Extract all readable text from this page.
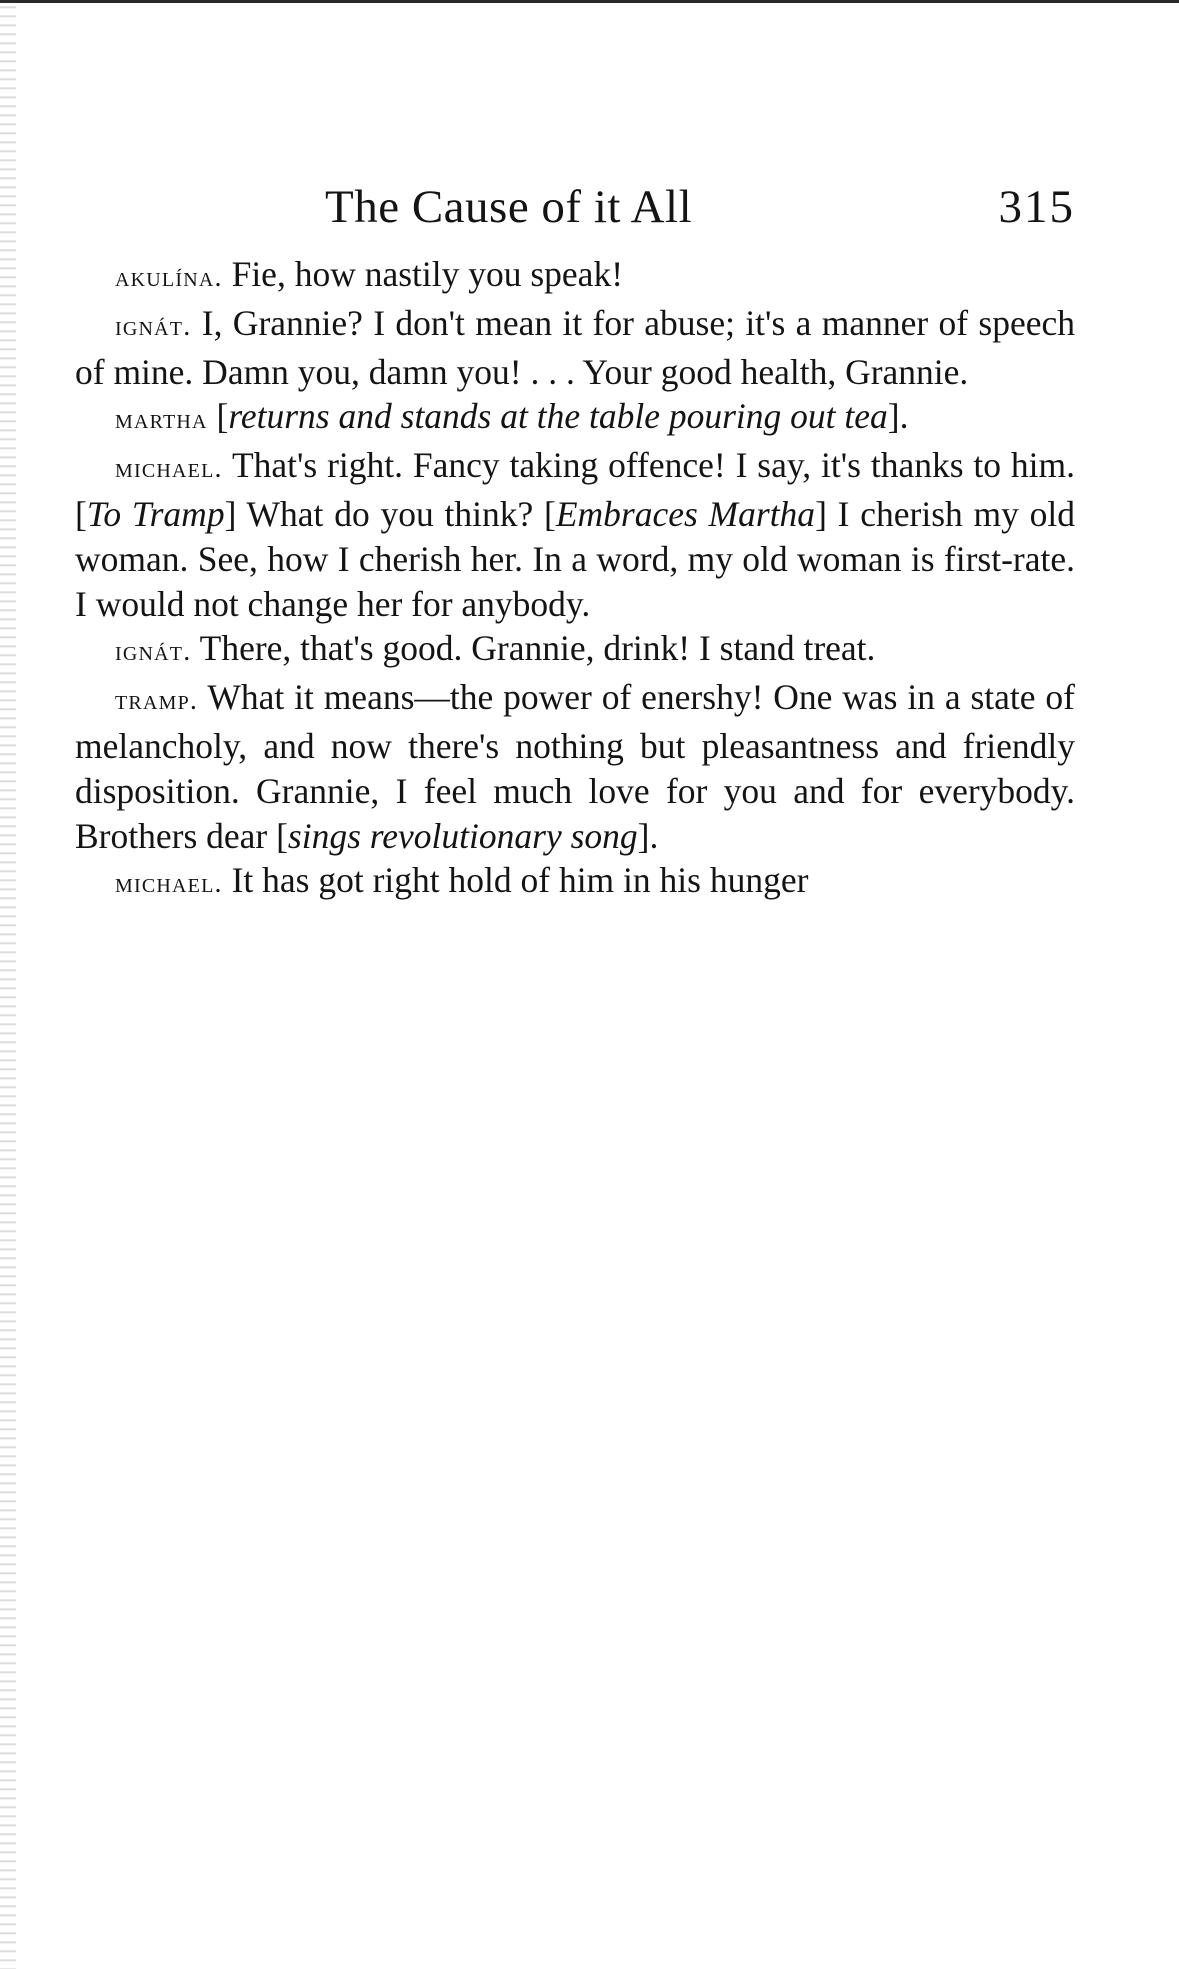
The Cause of it All	315

akulína. Fie, how nastily you speak!

ignát. I, Grannie? I don't mean it for abuse; it's a manner of speech of mine. Damn you, damn you! . . . Your good health, Grannie.

martha [returns and stands at the table pouring out tea].

michael. That's right. Fancy taking offence! I say, it's thanks to him. [To Tramp] What do you think? [Embraces Martha] I cherish my old woman. See, how I cherish her. In a word, my old woman is first-rate. I would not change her for anybody.

ignát. There, that's good. Grannie, drink! I stand treat.

tramp. What it means—the power of enershy! One was in a state of melancholy, and now there's nothing but pleasantness and friendly disposition. Grannie, I feel much love for you and for everybody. Brothers dear [sings revolutionary song].

michael. It has got right hold of him in his hunger
